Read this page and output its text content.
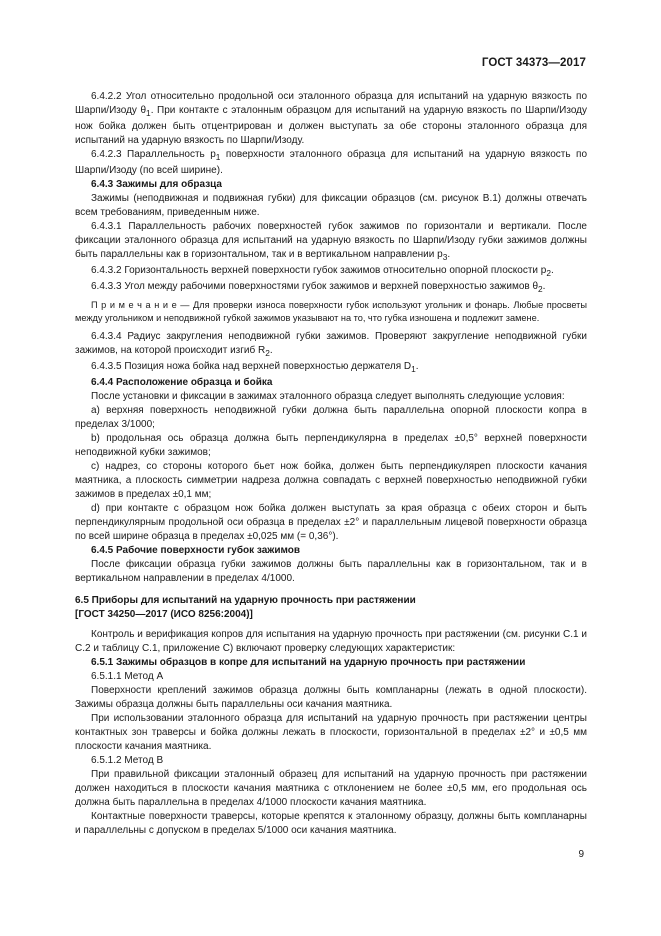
ГОСТ 34373—2017

6.4.2.2 Угол относительно продольной оси эталонного образца для испытаний на ударную вязкость по Шарпи/Изоду $\theta_1$. При контакте с эталонным образцом для испытаний на ударную вязкость по Шарпи/Изоду нож бойка должен быть отцентрирован и должен выступать за обе стороны эталонного образца для испытаний на ударную вязкость по Шарпи/Изоду.

6.4.2.3 Параллельность $p_1$ поверхности эталонного образца для испытаний на ударную вязкость по Шарпи/Изоду (по всей ширине).

6.4.3 Зажимы для образца

Зажимы (неподвижная и подвижная губки) для фиксации образцов (см. рисунок В.1) должны отвечать всем требованиям, приведенным ниже.

6.4.3.1 Параллельность рабочих поверхностей губок зажимов по горизонтали и вертикали. После фиксации эталонного образца для испытаний на ударную вязкость по Шарпи/Изоду губки зажимов должны быть параллельны как в горизонтальном, так и в вертикальном направлении $p_3$.

6.4.3.2 Горизонтальность верхней поверхности губок зажимов относительно опорной плоскости $p_2$.

6.4.3.3 Угол между рабочими поверхностями губок зажимов и верхней поверхностью зажимов $\theta_2$.

П р и м е ч а н и е — Для проверки износа поверхности губок используют угольник и фонарь. Любые просветы между угольником и неподвижной губкой зажимов указывают на то, что губка изношена и подлежит замене.

6.4.3.4 Радиус закругления неподвижной губки зажимов. Проверяют закругление неподвижной губки зажимов, на которой происходит изгиб $R_2$.

6.4.3.5 Позиция ножа бойка над верхней поверхностью держателя $D_1$.

6.4.4 Расположение образца и бойка

После установки и фиксации в зажимах эталонного образца следует выполнять следующие условия:

а) верхняя поверхность неподвижной губки должна быть параллельна опорной плоскости копра в пределах 3/1000;

b) продольная ось образца должна быть перпендикулярна в пределах ±0,5° верхней поверхности неподвижной кубки зажимов;

с) надрез, со стороны которого бьет нож бойка, должен быть перпендикуляреn плоскости качания маятника, а плоскость симметрии надреза должна совпадать с верхней поверхностью неподвижной губки зажимов в пределах ±0,1 мм;

d) при контакте с образцом нож бойка должен выступать за края образца с обеих сторон и быть перпендикулярным продольной оси образца в пределах ±2° и параллельным лицевой поверхности образца по всей ширине образца в пределах ±0,025 мм (= 0,36°).

6.4.5 Рабочие поверхности губок зажимов

После фиксации образца губки зажимов должны быть параллельны как в горизонтальном, так и в вертикальном направлении в пределах 4/1000.

6.5 Приборы для испытаний на ударную прочность при растяжении
[ГОСТ 34250—2017 (ИСО 8256:2004)]

Контроль и верификация копров для испытания на ударную прочность при растяжении (см. рисунки С.1 и С.2 и таблицу С.1, приложение С) включают проверку следующих характеристик:

6.5.1 Зажимы образцов в копре для испытаний на ударную прочность при растяжении

6.5.1.1 Метод А

Поверхности креплений зажимов образца должны быть компланарны (лежать в одной плоскости). Зажимы образца должны быть параллельны оси качания маятника.

При использовании эталонного образца для испытаний на ударную прочность при растяжении центры контактных зон траверсы и бойка должны лежать в плоскости, горизонтальной в пределах ±2° и ±0,5 мм плоскости качания маятника.

6.5.1.2 Метод В

При правильной фиксации эталонный образец для испытаний на ударную прочность при растяжении должен находиться в плоскости качания маятника с отклонением не более ±0,5 мм, его продольная ось должна быть параллельна в пределах 4/1000 плоскости качания маятника.

Контактные поверхности траверсы, которые крепятся к эталонному образцу, должны быть компланарны и параллельны с допуском в пределах 5/1000 оси качания маятника.

9
